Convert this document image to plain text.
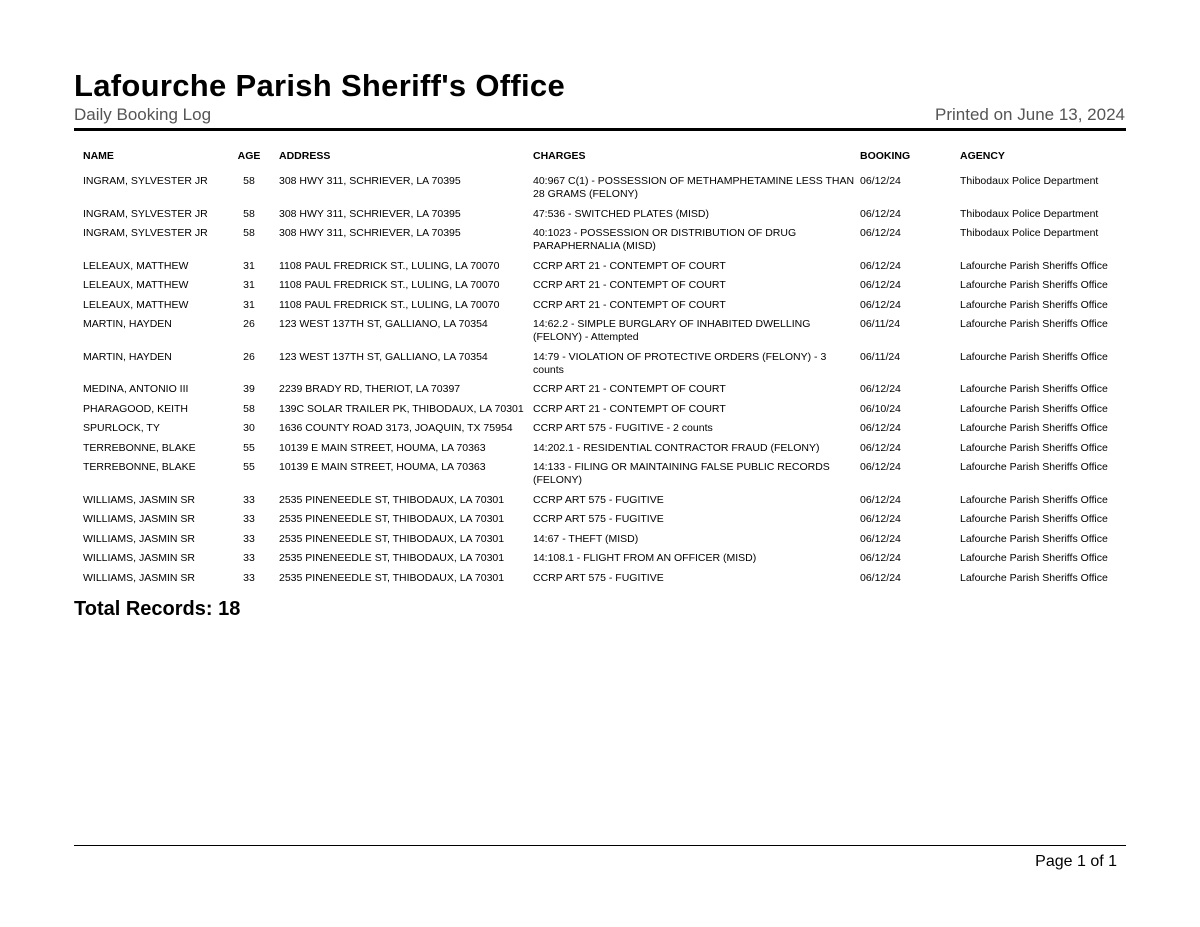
Lafourche Parish Sheriff's Office
Daily Booking Log	Printed on June 13, 2024
	NAME	AGE	ADDRESS	CHARGES	BOOKING	AGENCY
	INGRAM, SYLVESTER JR	58	308 HWY 311, SCHRIEVER, LA 70395	40:967 C(1) - POSSESSION OF METHAMPHETAMINE LESS THAN 28 GRAMS (FELONY)	06/12/24	Thibodaux Police Department
	INGRAM, SYLVESTER JR	58	308 HWY 311, SCHRIEVER, LA 70395	47:536 - SWITCHED PLATES (MISD)	06/12/24	Thibodaux Police Department
	INGRAM, SYLVESTER JR	58	308 HWY 311, SCHRIEVER, LA 70395	40:1023 - POSSESSION OR DISTRIBUTION OF DRUG PARAPHERNALIA (MISD)	06/12/24	Thibodaux Police Department
	LELEAUX, MATTHEW	31	1108 PAUL FREDRICK ST., LULING, LA 70070	CCRP ART 21 - CONTEMPT OF COURT	06/12/24	Lafourche Parish Sheriffs Office
	LELEAUX, MATTHEW	31	1108 PAUL FREDRICK ST., LULING, LA 70070	CCRP ART 21 - CONTEMPT OF COURT	06/12/24	Lafourche Parish Sheriffs Office
	LELEAUX, MATTHEW	31	1108 PAUL FREDRICK ST., LULING, LA 70070	CCRP ART 21 - CONTEMPT OF COURT	06/12/24	Lafourche Parish Sheriffs Office
	MARTIN, HAYDEN	26	123 WEST 137TH ST, GALLIANO, LA 70354	14:62.2 - SIMPLE BURGLARY OF INHABITED DWELLING (FELONY) - Attempted	06/11/24	Lafourche Parish Sheriffs Office
	MARTIN, HAYDEN	26	123 WEST 137TH ST, GALLIANO, LA 70354	14:79 - VIOLATION OF PROTECTIVE ORDERS (FELONY) - 3 counts	06/11/24	Lafourche Parish Sheriffs Office
	MEDINA, ANTONIO III	39	2239 BRADY RD, THERIOT, LA 70397	CCRP ART 21 - CONTEMPT OF COURT	06/12/24	Lafourche Parish Sheriffs Office
	PHARAGOOD, KEITH	58	139C SOLAR TRAILER PK, THIBODAUX, LA 70301	CCRP ART 21 - CONTEMPT OF COURT	06/10/24	Lafourche Parish Sheriffs Office
	SPURLOCK, TY	30	1636 COUNTY ROAD 3173, JOAQUIN, TX 75954	CCRP ART 575 - FUGITIVE - 2 counts	06/12/24	Lafourche Parish Sheriffs Office
	TERREBONNE, BLAKE	55	10139 E MAIN STREET, HOUMA, LA 70363	14:202.1 - RESIDENTIAL CONTRACTOR FRAUD (FELONY)	06/12/24	Lafourche Parish Sheriffs Office
	TERREBONNE, BLAKE	55	10139 E MAIN STREET, HOUMA, LA 70363	14:133 - FILING OR MAINTAINING FALSE PUBLIC RECORDS (FELONY)	06/12/24	Lafourche Parish Sheriffs Office
	WILLIAMS, JASMIN SR	33	2535 PINENEEDLE ST, THIBODAUX, LA 70301	CCRP ART 575 - FUGITIVE	06/12/24	Lafourche Parish Sheriffs Office
	WILLIAMS, JASMIN SR	33	2535 PINENEEDLE ST, THIBODAUX, LA 70301	CCRP ART 575 - FUGITIVE	06/12/24	Lafourche Parish Sheriffs Office
	WILLIAMS, JASMIN SR	33	2535 PINENEEDLE ST, THIBODAUX, LA 70301	14:67 - THEFT (MISD)	06/12/24	Lafourche Parish Sheriffs Office
	WILLIAMS, JASMIN SR	33	2535 PINENEEDLE ST, THIBODAUX, LA 70301	14:108.1 - FLIGHT FROM AN OFFICER (MISD)	06/12/24	Lafourche Parish Sheriffs Office
	WILLIAMS, JASMIN SR	33	2535 PINENEEDLE ST, THIBODAUX, LA 70301	CCRP ART 575 - FUGITIVE	06/12/24	Lafourche Parish Sheriffs Office
Total Records: 18
Page 1 of 1
